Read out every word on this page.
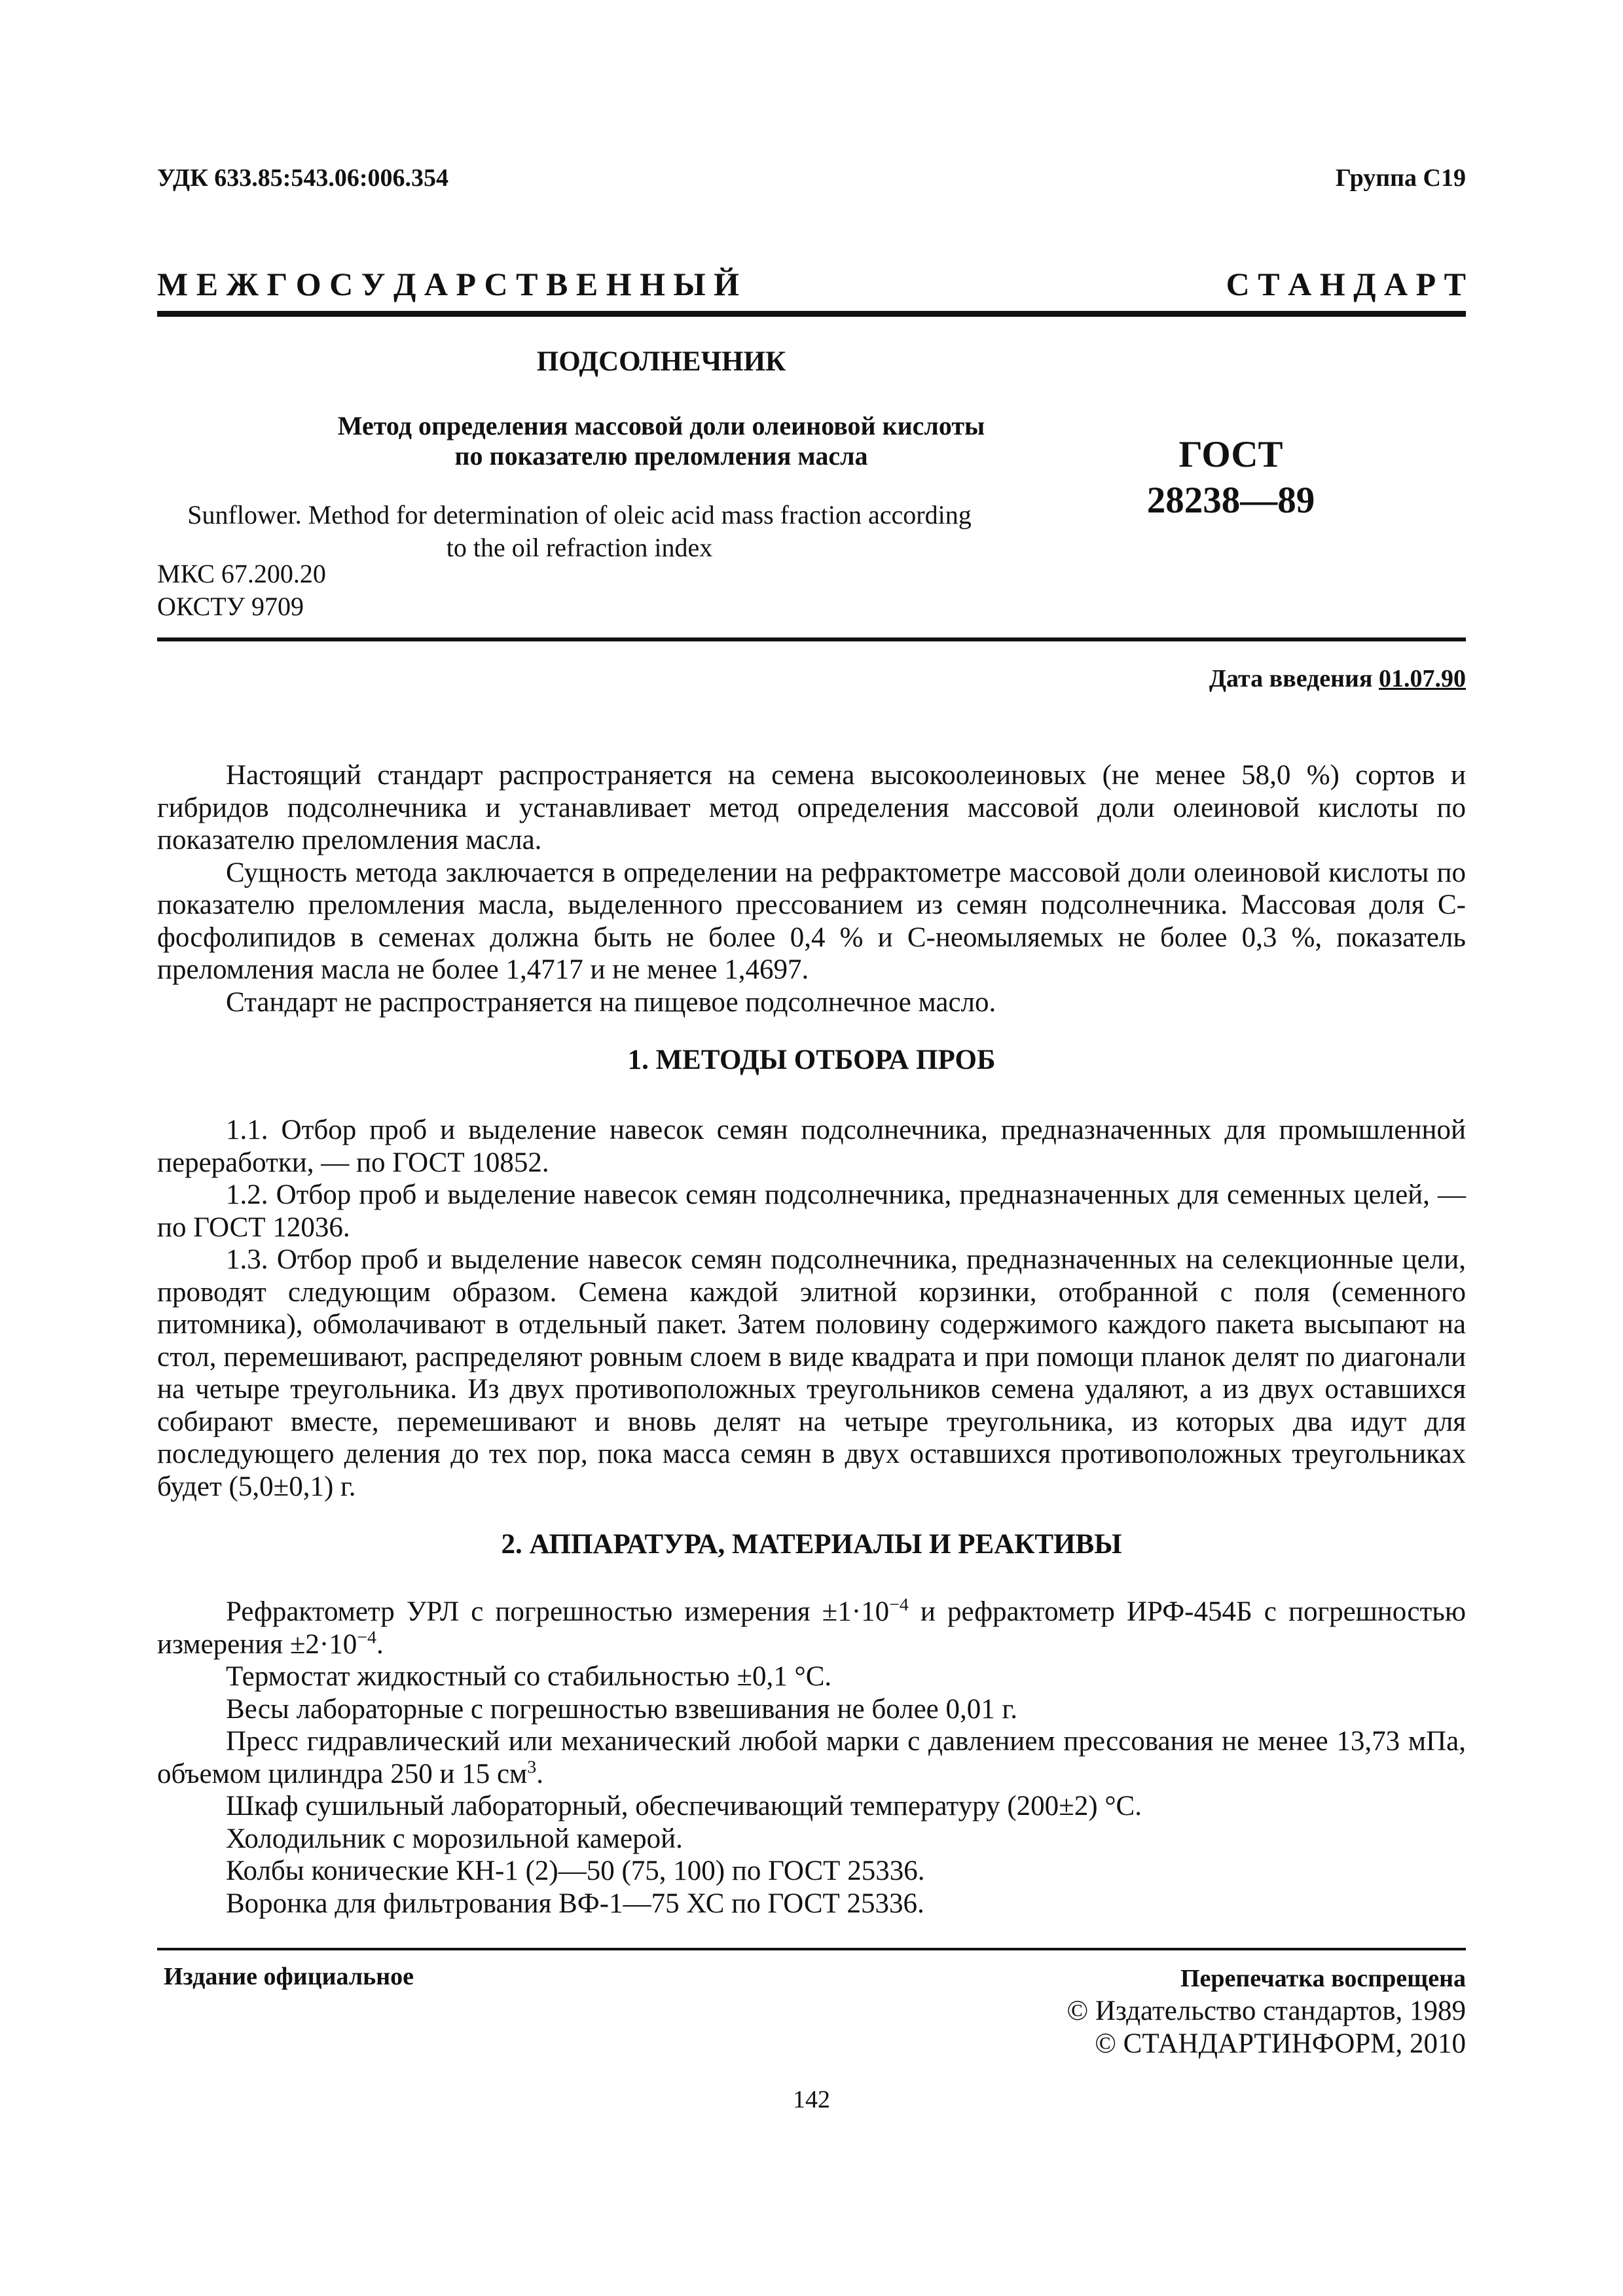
УДК 633.85:543.06:006.354	Группа С19
М Е Ж Г О С У Д А Р С Т В Е Н Н Ы Й	С Т А Н Д А Р Т
ПОДСОЛНЕЧНИК
Метод определения массовой доли олеиновой кислоты
по показателю преломления масла	ГОСТ
28238—89
Sunflower. Method for determination of oleic acid mass fraction according
to the oil refraction index
МКС 67.200.20
ОКСТУ 9709
Дата введения 01.07.90

Настоящий стандарт распространяется на семена высокоолеиновых (не менее 58,0 %) сортов и гибридов подсолнечника и устанавливает метод определения массовой доли олеиновой кислоты по показателю преломления масла.

Сущность метода заключается в определении на рефрактометре массовой доли олеиновой кислоты по показателю преломления масла, выделенного прессованием из семян подсолнечника. Массовая доля С-фосфолипидов в семенах должна быть не более 0,4 % и С-неомыляемых не более 0,3 %, показатель преломления масла не более 1,4717 и не менее 1,4697.

Стандарт не распространяется на пищевое подсолнечное масло.

1. МЕТОДЫ ОТБОРА ПРОБ

1.1. Отбор проб и выделение навесок семян подсолнечника, предназначенных для промышленной переработки, — по ГОСТ 10852.

1.2. Отбор проб и выделение навесок семян подсолнечника, предназначенных для семенных целей, — по ГОСТ 12036.

1.3. Отбор проб и выделение навесок семян подсолнечника, предназначенных на селекционные цели, проводят следующим образом. Семена каждой элитной корзинки, отобранной с поля (семенного питомника), обмолачивают в отдельный пакет. Затем половину содержимого каждого пакета высыпают на стол, перемешивают, распределяют ровным слоем в виде квадрата и при помощи планок делят по диагонали на четыре треугольника. Из двух противоположных треугольников семена удаляют, а из двух оставшихся собирают вместе, перемешивают и вновь делят на четыре треугольника, из которых два идут для последующего деления до тех пор, пока масса семян в двух оставшихся противоположных треугольниках будет (5,0±0,1) г.

2. АППАРАТУРА, МАТЕРИАЛЫ И РЕАКТИВЫ

Рефрактометр УРЛ с погрешностью измерения $\pm 1\cdot 10^{-4}$ и рефрактометр ИРФ-454Б с погрешностью измерения $\pm 2\cdot 10^{-4}$.

Термостат жидкостный со стабильностью ±0,1 °С.

Весы лабораторные с погрешностью взвешивания не более 0,01 г.

Пресс гидравлический или механический любой марки с давлением прессования не менее 13,73 мПа, объемом цилиндра 250 и 15 $см^3$.

Шкаф сушильный лабораторный, обеспечивающий температуру (200±2) °С.

Холодильник с морозильной камерой.

Колбы конические КН-1 (2)—50 (75, 100) по ГОСТ 25336.

Воронка для фильтрования ВФ-1—75 ХС по ГОСТ 25336.

Издание официальное	Перепечатка воспрещена
© Издательство стандартов, 1989
© СТАНДАРТИНФОРМ, 2010
142
